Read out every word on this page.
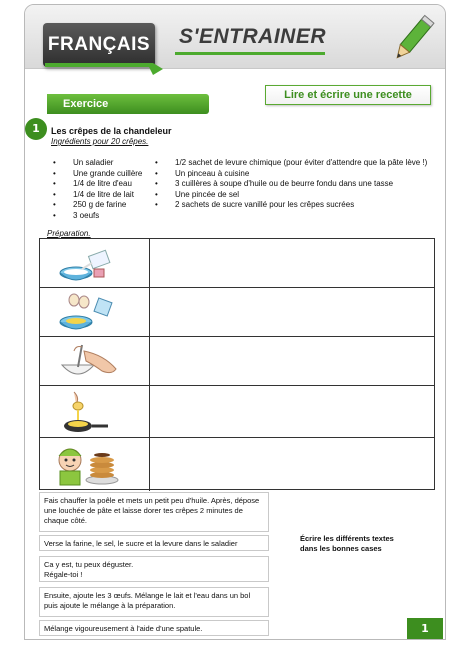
FRANÇAIS S'ENTRAINER
Exercice
Lire et écrire une recette
1	Les crêpes de la chandeleur
Ingrédients pour 20 crêpes.
• Un saladier
• Une grande cuillère
• 1/4 de litre d'eau
• 1/4 de litre de lait
• 250 g de farine
• 3 oeufs
• 1/2 sachet de levure chimique (pour éviter d'attendre que la pâte lève !)
• Un pinceau à cuisine
• 3 cuillères à soupe d'huile ou de beurre fondu dans une tasse
• Une pincée de sel
• 2 sachets de sucre vanillé pour les crêpes sucrées
Préparation.
Fais chauffer la poêle et mets un petit peu d'huile. Après, dépose une louchée de pâte et laisse dorer tes crêpes 2 minutes de chaque côté.
Verse la farine, le sel, le sucre et la levure dans le saladier
Ca y est, tu peux déguster.
Régale-toi !
Ensuite, ajoute les 3 œufs. Mélange le lait et l'eau dans un bol puis ajoute le mélange à la préparation.
Mélange vigoureusement à l'aide d'une spatule.
Écrire les différents textes dans les bonnes cases
1
